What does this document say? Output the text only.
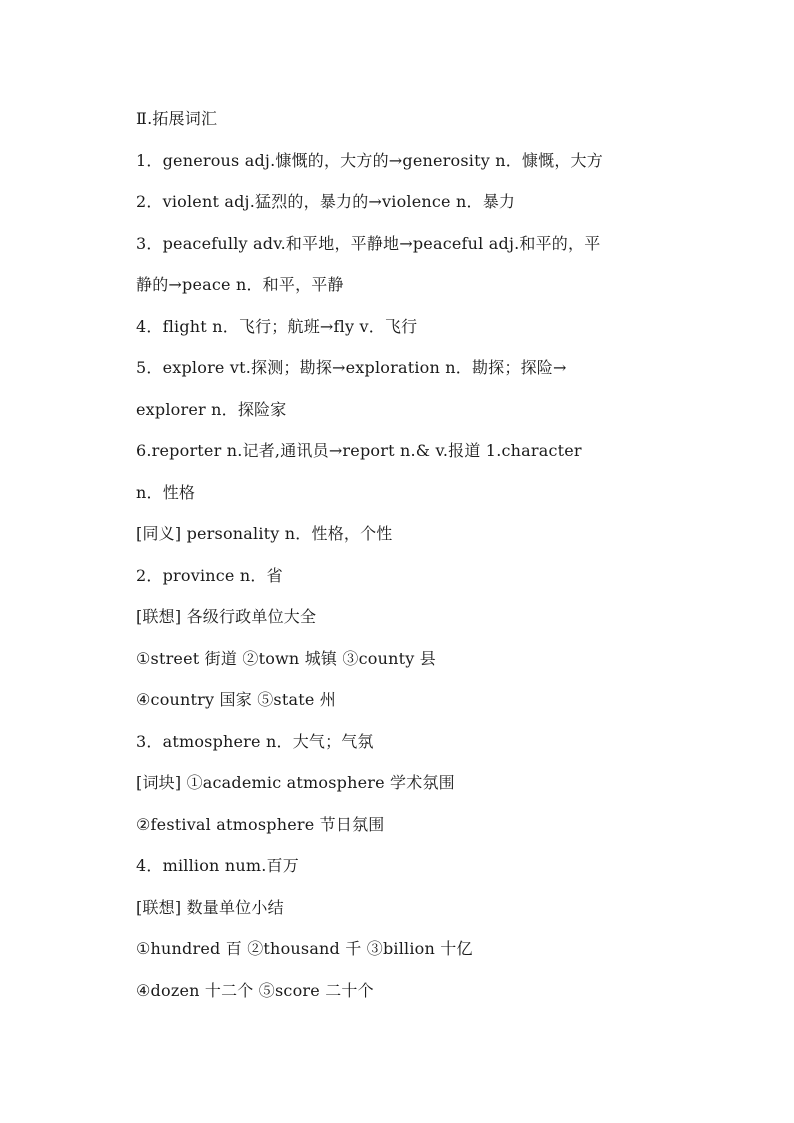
Ⅱ.拓展词汇
1．generous adj.慷慨的，大方的→generosity n．慷慨，大方
2．violent adj.猛烈的，暴力的→violence n．暴力
3．peacefully adv.和平地，平静地→peaceful adj.和平的，平
静的→peace n．和平，平静
4．flight n．飞行；航班→fly v．飞行
5．explore vt.探测；勘探→exploration n．勘探；探险→
explorer n．探险家
6.reporter n.记者,通讯员→report n.& v.报道 1.character
n．性格
[同义] personality n．性格，个性
2．province n．省
[联想] 各级行政单位大全
①street 街道 ②town 城镇 ③county 县
④country 国家 ⑤state 州
3．atmosphere n．大气；气氛
[词块] ①academic atmosphere 学术氛围
②festival atmosphere 节日氛围
4．million num.百万
[联想] 数量单位小结
①hundred 百 ②thousand 千 ③billion 十亿
④dozen 十二个 ⑤score 二十个
